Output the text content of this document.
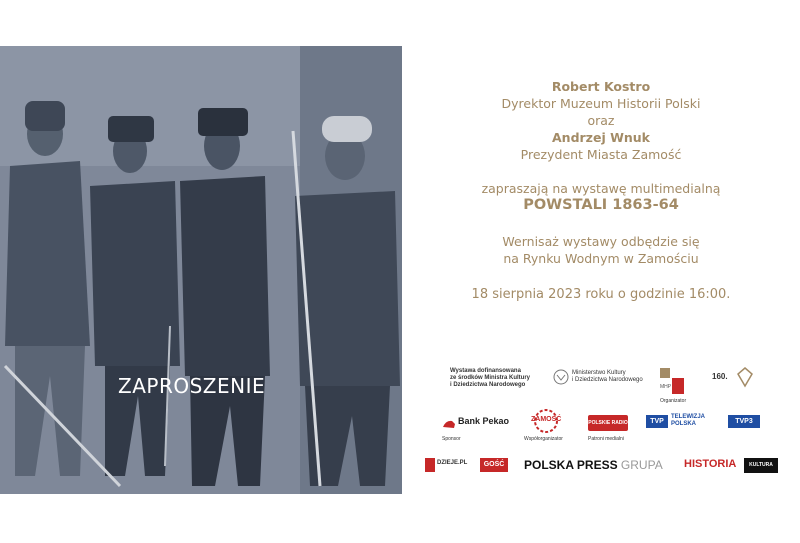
ZAPROSZENIE
Robert Kostro
Dyrektor Muzeum Historii Polski
oraz
Andrzej Wnuk
Prezydent Miasta Zamość
zapraszają na wystawę multimedialną
POWSTALI 1863-64
Wernisaż wystawy odbędzie się
na Rynku Wodnym w Zamościu
18 sierpnia 2023 roku o godzinie 16:00.
Wystawa dofinansowana
ze środków Ministra Kultury
i Dziedzictwa Narodowego
Ministerstwo Kultury
i Dziedzictwa Narodowego
MHP
Organizator
160.
Bank Pekao
Sponsor
ZAMOŚĆ
Współorganizator
POLSKIE RADIO
Patroni medialni
TVP
TELEWIZJA
POLSKA	TVP3
DZIEJE.PL	GOŚĆ	POLSKA PRESS GRUPA HISTORIA	KULTURA
